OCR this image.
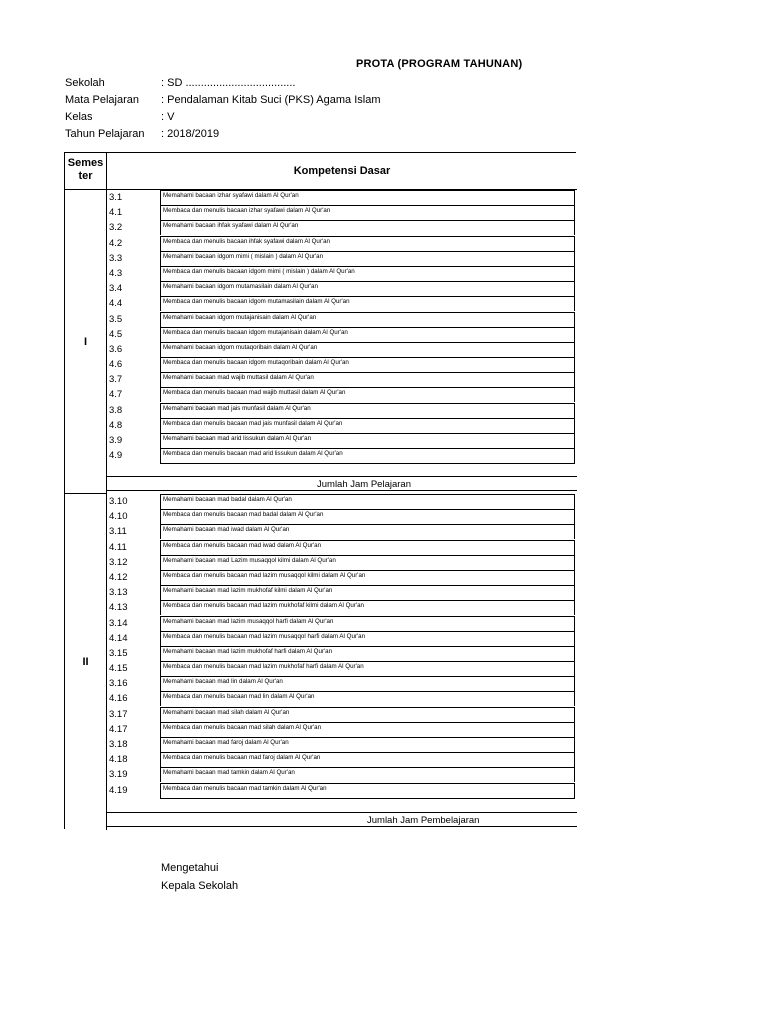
PROTA (PROGRAM TAHUNAN)
Sekolah	: SD ....................................
Mata Pelajaran	: Pendalaman Kitab Suci (PKS) Agama Islam
Kelas	: V
Tahun Pelajaran	: 2018/2019
Semes ter	Kompetensi Dasar
I
3.1	Memahami bacaan izhar syafawi dalam Al Qur'an
4.1	Membaca dan menulis bacaan izhar syafawi dalam Al Qur'an
3.2	Memahami bacaan ihfak syafawi dalam Al Qur'an
4.2	Membaca dan menulis bacaan ihfak syafawi dalam Al Qur'an
3.3	Memahami bacaan idgom mimi ( mislain ) dalam Al Qur'an
4.3	Membaca dan menulis bacaan idgom mimi ( mislain ) dalam Al Qur'an
3.4	Memahami bacaan idgom mutamasilain dalam Al Qur'an
4.4	Membaca dan menulis bacaan idgom mutamasilain dalam Al Qur'an
3.5	Memahami bacaan idgom mutajanisain dalam Al Qur'an
4.5	Membaca dan menulis bacaan idgom mutajanisain dalam Al Qur'an
3.6	Memahami bacaan idgom mutaqoribain dalam Al Qur'an
4.6	Membaca dan menulis bacaan idgom mutaqoribain dalam Al Qur'an
3.7	Memahami bacaan mad wajib muttasil dalam Al Qur'an
4.7	Membaca dan menulis bacaan mad wajib muttasil dalam Al Qur'an
3.8	Memahami bacaan mad jais munfasil dalam Al Qur'an
4.8	Membaca dan menulis bacaan mad jais munfasil dalam Al Qur'an
3.9	Memahami bacaan mad arid lissukun dalam Al Qur'an
4.9	Membaca dan menulis bacaan mad arid lissukun dalam Al Qur'an
Jumlah Jam Pelajaran
II
3.10	Memahami bacaan mad badal dalam Al Qur'an
4.10	Membaca dan menulis bacaan mad badal dalam Al Qur'an
3.11	Memahami bacaan mad iwad dalam Al Qur'an
4.11	Membaca dan menulis bacaan mad iwad dalam Al Qur'an
3.12	Memahami bacaan mad Lazim musaqqol kilmi dalam Al Qur'an
4.12	Membaca dan menulis bacaan mad lazim musaqqol kilmi dalam Al Qur'an
3.13	Memahami bacaan mad lazim mukhofaf kilmi dalam Al Qur'an
4.13	Membaca dan menulis bacaan mad lazim mukhofaf kilmi dalam Al Qur'an
3.14	Memahami bacaan mad lazim musaqqol harfi dalam Al Qur'an
4.14	Membaca dan menulis bacaan mad lazim musaqqol harfi dalam Al Qur'an
3.15	Memahami bacaan mad lazim mukhofaf harfi dalam Al Qur'an
4.15	Membaca dan menulis bacaan mad lazim mukhofaf harfi dalam Al Qur'an
3.16	Memahami bacaan mad lin dalam Al Qur'an
4.16	Membaca dan menulis bacaan mad lin dalam Al Qur'an
3.17	Memahami bacaan mad silah dalam Al Qur'an
4.17	Membaca dan menulis bacaan mad silah dalam Al Qur'an
3.18	Memahami bacaan mad faroj dalam Al Qur'an
4.18	Membaca dan menulis bacaan mad faroj dalam Al Qur'an
3.19	Memahami bacaan mad tamkin dalam Al Qur'an
4.19	Membaca dan menulis bacaan mad tamkin dalam Al Qur'an
Jumlah Jam Pembelajaran
Mengetahui
Kepala Sekolah
